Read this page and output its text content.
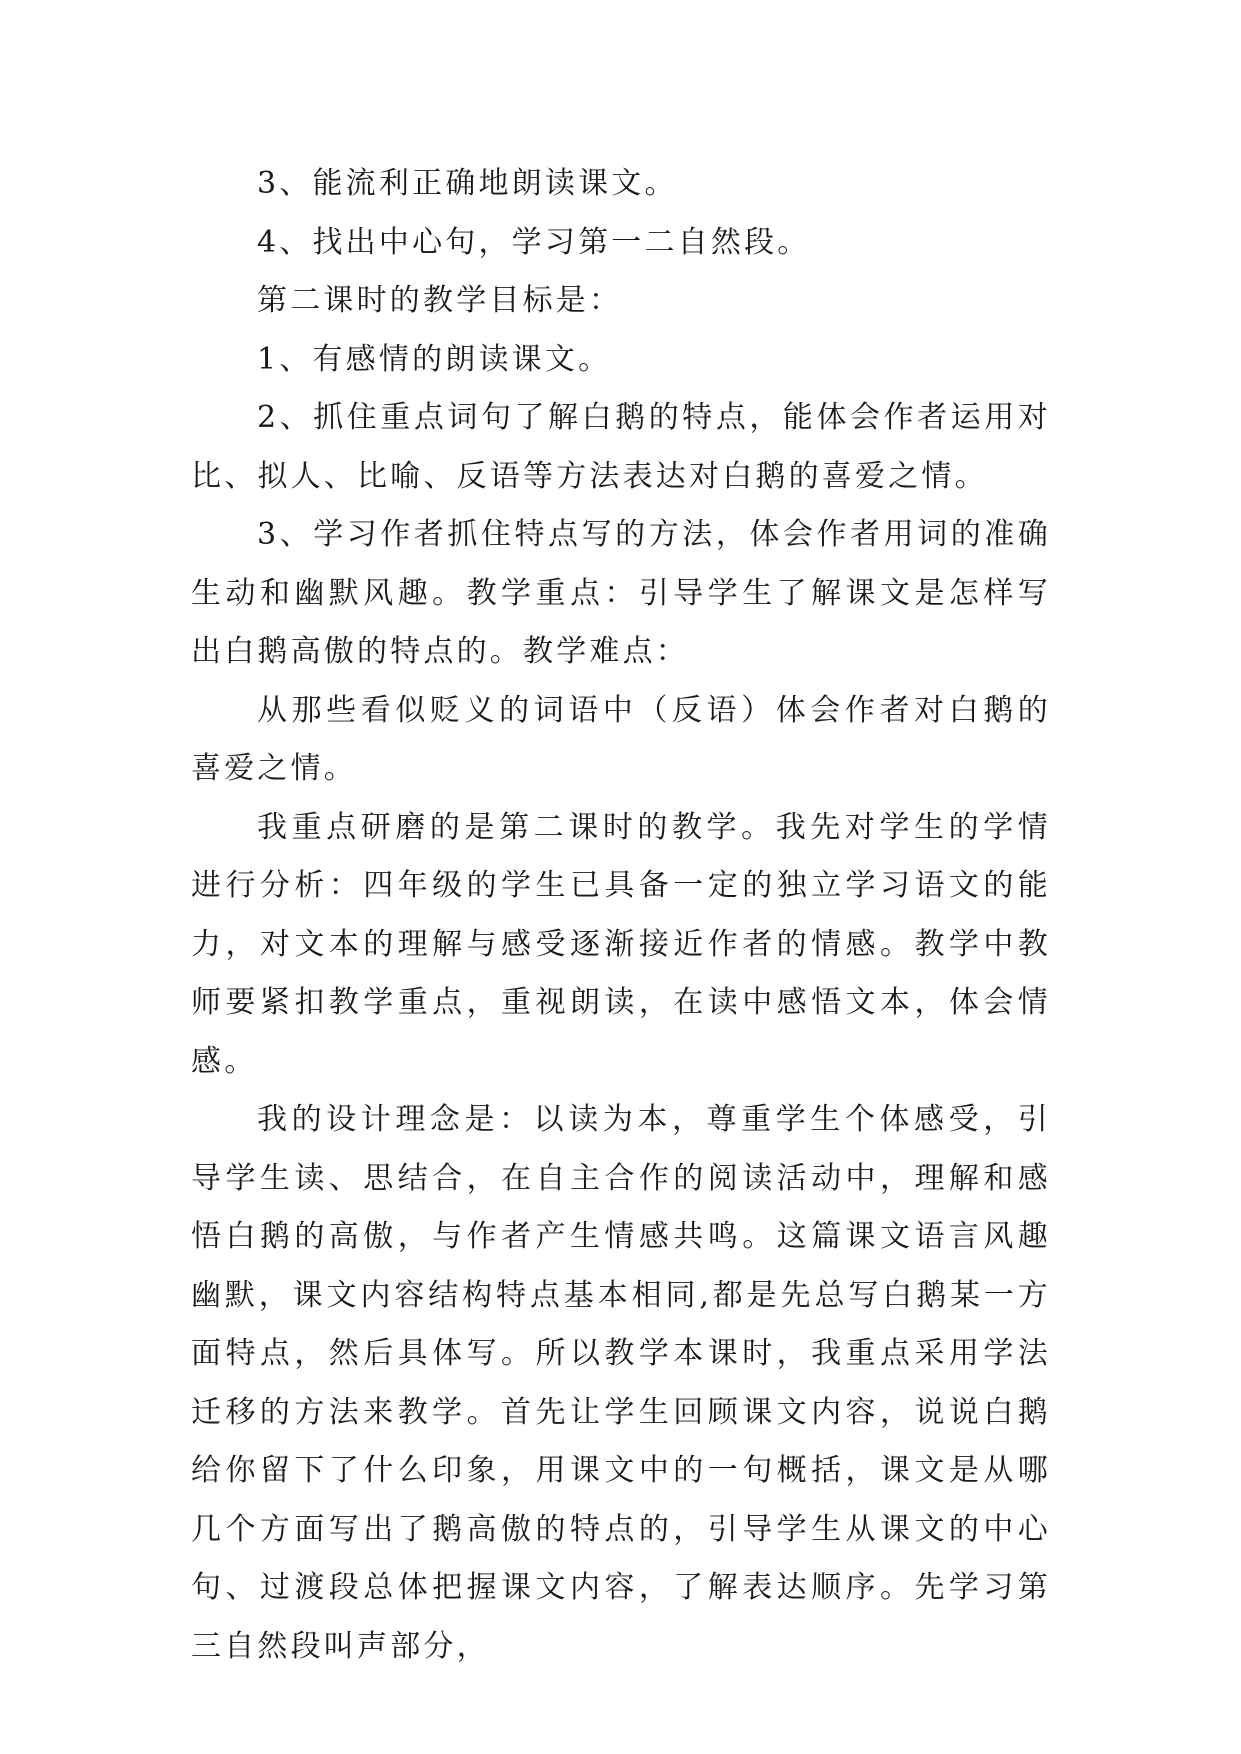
3、能流利正确地朗读课文。

4、找出中心句，学习第一二自然段。

第二课时的教学目标是：

1、有感情的朗读课文。

2、抓住重点词句了解白鹅的特点，能体会作者运用对比、拟人、比喻、反语等方法表达对白鹅的喜爱之情。

3、学习作者抓住特点写的方法，体会作者用词的准确生动和幽默风趣。教学重点：引导学生了解课文是怎样写出白鹅高傲的特点的。教学难点：

从那些看似贬义的词语中（反语）体会作者对白鹅的喜爱之情。

我重点研磨的是第二课时的教学。我先对学生的学情进行分析：四年级的学生已具备一定的独立学习语文的能力，对文本的理解与感受逐渐接近作者的情感。教学中教师要紧扣教学重点，重视朗读，在读中感悟文本，体会情感。

我的设计理念是：以读为本，尊重学生个体感受，引导学生读、思结合，在自主合作的阅读活动中，理解和感悟白鹅的高傲，与作者产生情感共鸣。这篇课文语言风趣幽默，课文内容结构特点基本相同,都是先总写白鹅某一方面特点，然后具体写。所以教学本课时，我重点采用学法迁移的方法来教学。首先让学生回顾课文内容，说说白鹅给你留下了什么印象，用课文中的一句概括，课文是从哪几个方面写出了鹅高傲的特点的，引导学生从课文的中心句、过渡段总体把握课文内容，了解表达顺序。先学习第三自然段叫声部分，
